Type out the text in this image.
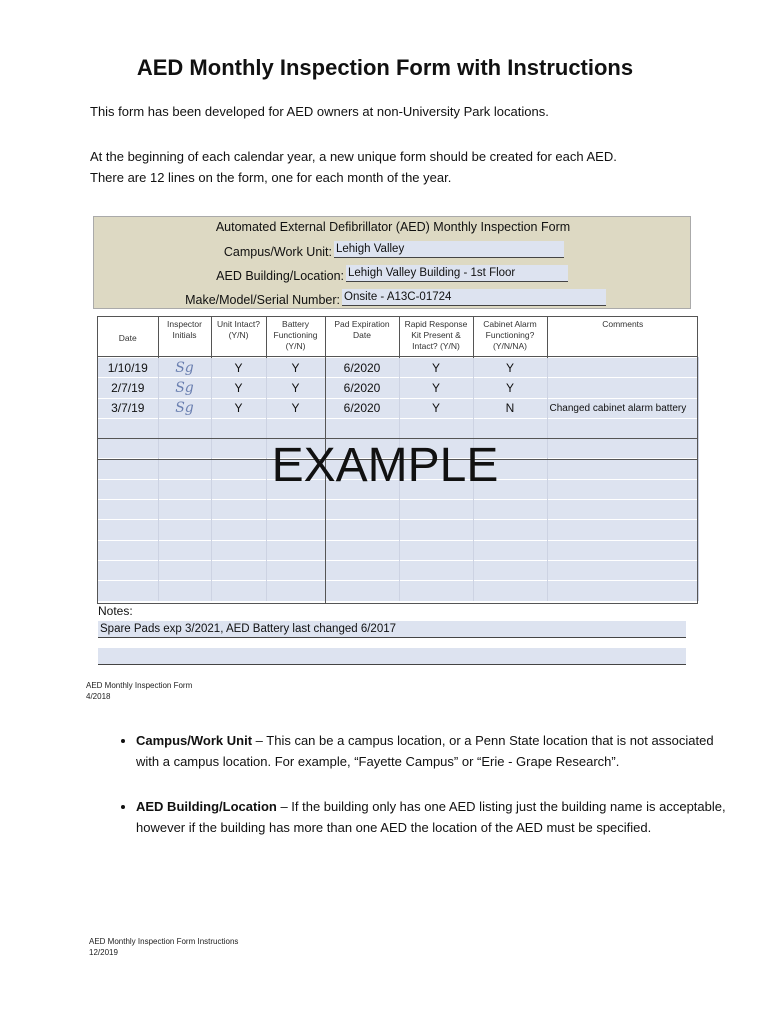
AED Monthly Inspection Form with Instructions
This form has been developed for AED owners at non-University Park locations.
At the beginning of each calendar year, a new unique form should be created for each AED.
There are 12 lines on the form, one for each month of the year.
Automated External Defibrillator (AED) Monthly Inspection Form
Campus/Work Unit: Lehigh Valley
AED Building/Location: Lehigh Valley Building - 1st Floor
Make/Model/Serial Number: Onsite - A13C-01724
Date	Inspector Initials	Unit Intact? (Y/N)	Battery Functioning (Y/N)	Pad Expiration Date	Rapid Response Kit Present & Intact? (Y/N)	Cabinet Alarm Functioning? (Y/N/NA)	Comments
1/10/19	Sg	Y	Y	6/2020	Y	Y	
2/7/19	Sg	Y	Y	6/2020	Y	Y	
3/7/19	Sg	Y	Y	6/2020	Y	N	Changed cabinet alarm battery

EXAMPLE
Notes:
Spare Pads exp 3/2021, AED Battery last changed 6/2017
AED Monthly Inspection Form
4/2018
• Campus/Work Unit – This can be a campus location, or a Penn State location that is not associated with a campus location. For example, “Fayette Campus” or “Erie - Grape Research”.
• AED Building/Location – If the building only has one AED listing just the building name is acceptable, however if the building has more than one AED the location of the AED must be specified.
AED Monthly Inspection Form Instructions
12/2019
